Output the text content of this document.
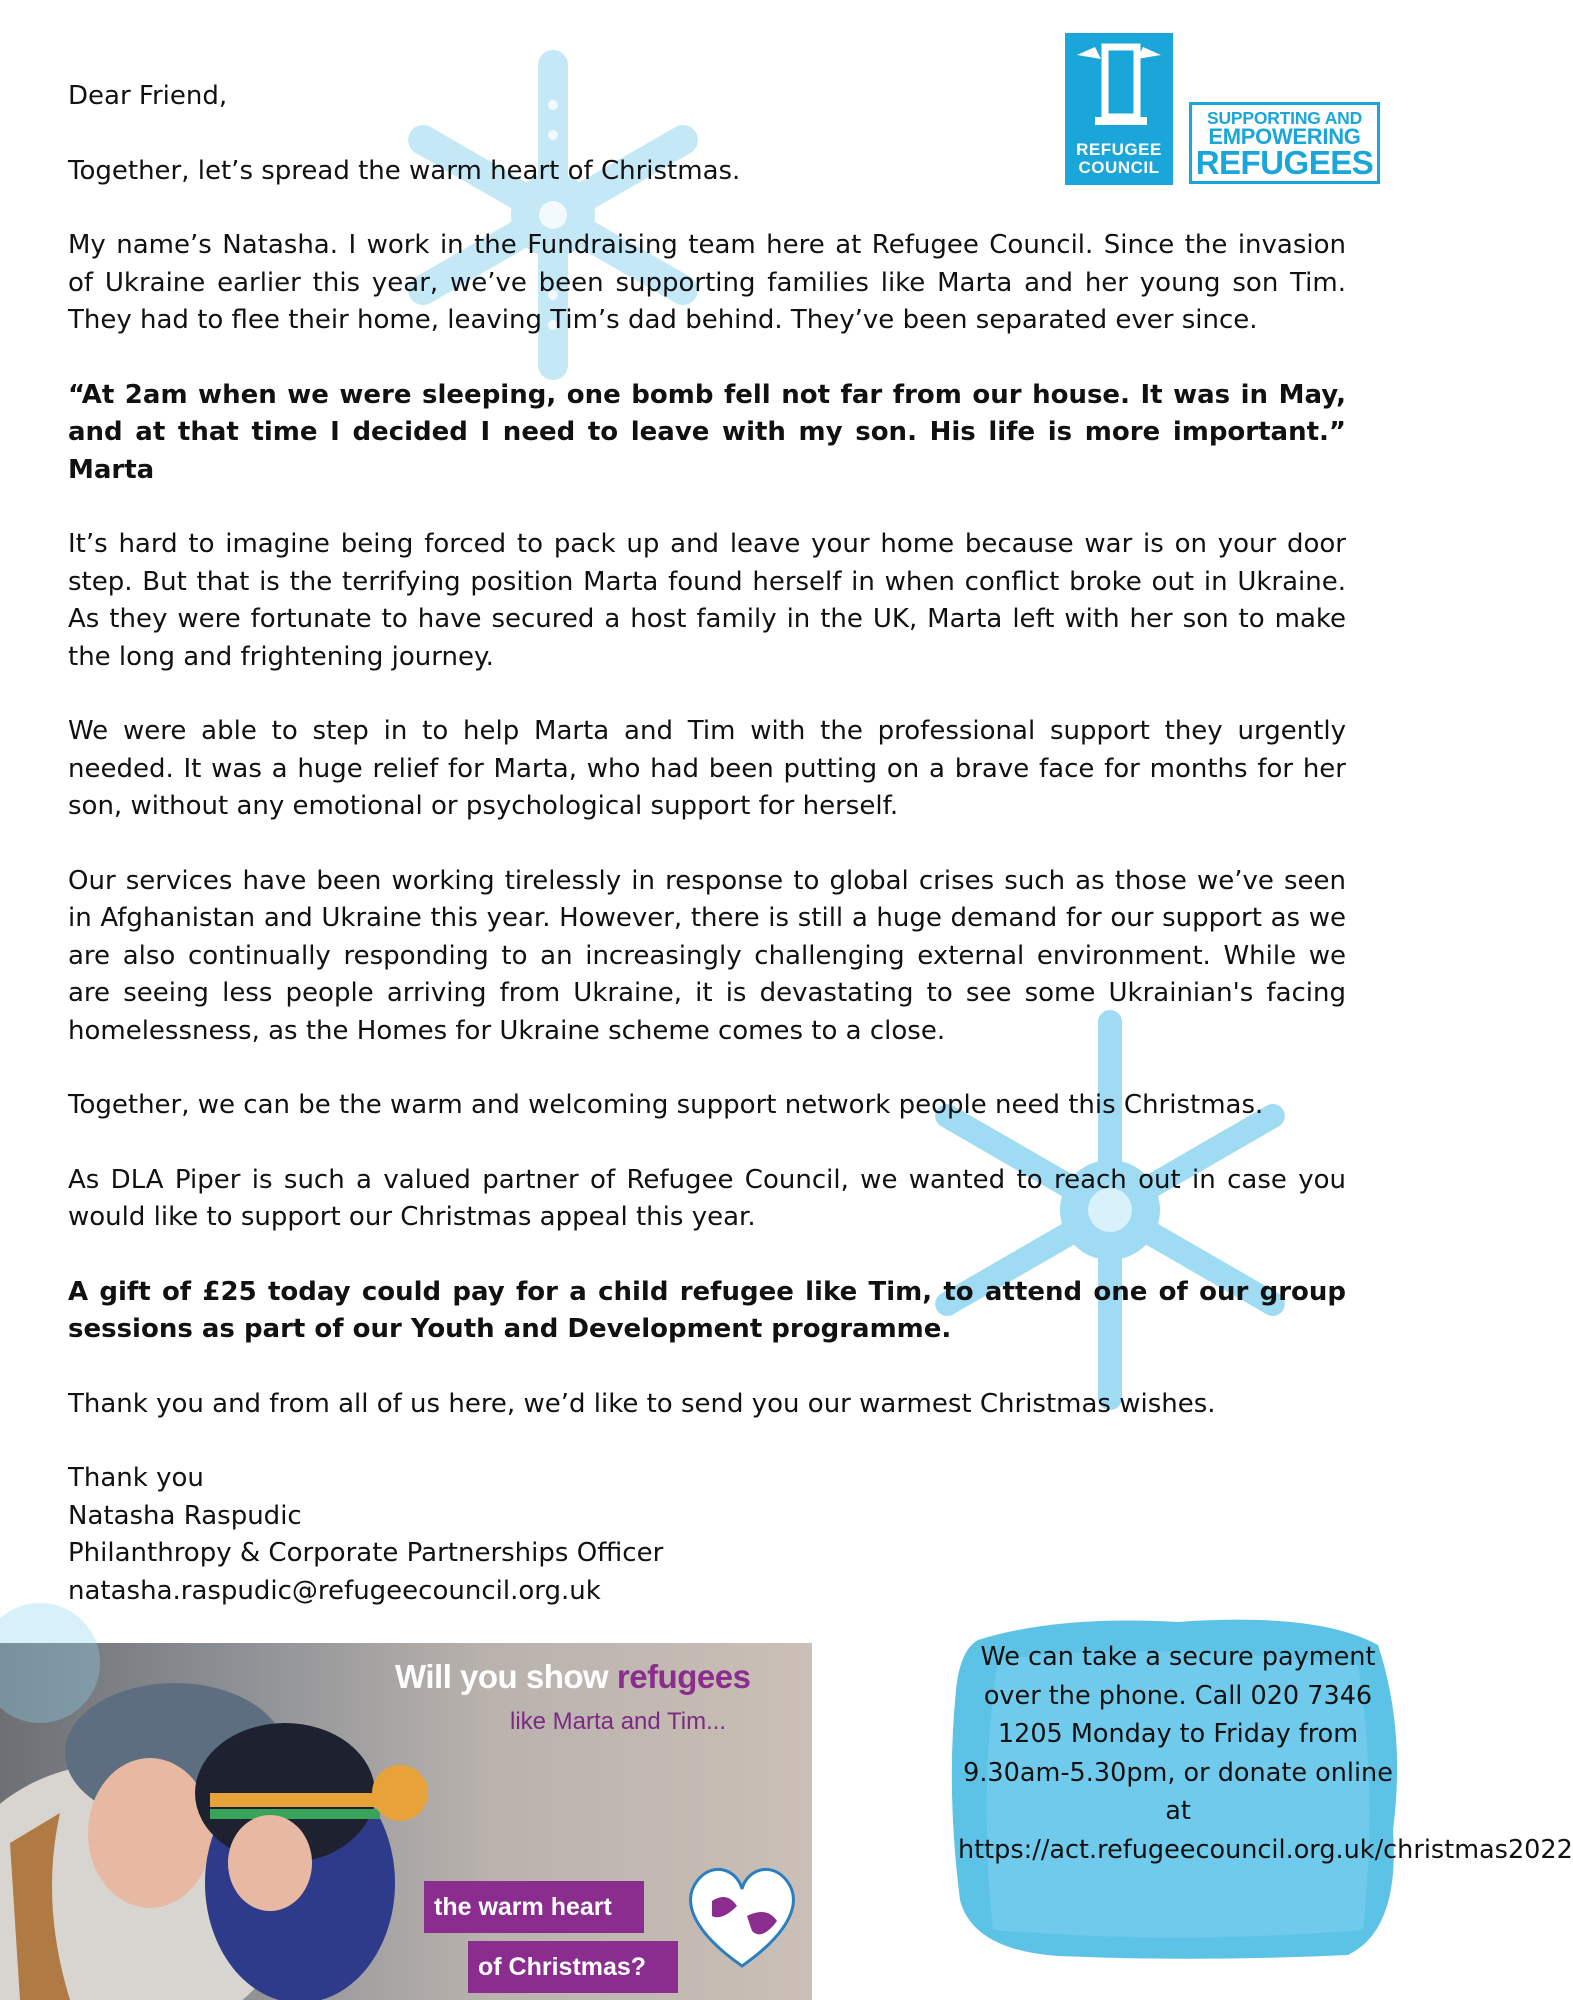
REFUGEE COUNCIL
SUPPORTING AND
EMPOWERING
REFUGEES

Dear Friend,

Together, let’s spread the warm heart of Christmas.

My name’s Natasha. I work in the Fundraising team here at Refugee Council. Since the invasion of Ukraine earlier this year, we’ve been supporting families like Marta and her young son Tim. They had to flee their home, leaving Tim’s dad behind. They’ve been separated ever since.

“At 2am when we were sleeping, one bomb fell not far from our house. It was in May, and at that time I decided I need to leave with my son. His life is more important.” Marta

It’s hard to imagine being forced to pack up and leave your home because war is on your door step. But that is the terrifying position Marta found herself in when conflict broke out in Ukraine. As they were fortunate to have secured a host family in the UK, Marta left with her son to make the long and frightening journey.

We were able to step in to help Marta and Tim with the professional support they urgently needed. It was a huge relief for Marta, who had been putting on a brave face for months for her son, without any emotional or psychological support for herself.

Our services have been working tirelessly in response to global crises such as those we’ve seen in Afghanistan and Ukraine this year. However, there is still a huge demand for our support as we are also continually responding to an increasingly challenging external environment. While we are seeing less people arriving from Ukraine, it is devastating to see some Ukrainian's facing homelessness, as the Homes for Ukraine scheme comes to a close.

Together, we can be the warm and welcoming support network people need this Christmas.

As DLA Piper is such a valued partner of Refugee Council, we wanted to reach out in case you would like to support our Christmas appeal this year.

A gift of £25 today could pay for a child refugee like Tim, to attend one of our group sessions as part of our Youth and Development programme.

Thank you and from all of us here, we’d like to send you our warmest Christmas wishes.

Thank you

Natasha Raspudic

Philanthropy & Corporate Partnerships Officer

natasha.raspudic@refugeecouncil.org.uk

Will you show refugees
like Marta and Tim...
the warm heart
of Christmas?
We can take a secure payment over the phone. Call 020 7346 1205 Monday to Friday from 9.30am-5.30pm, or donate online at https://act.refugeecouncil.org.uk/christmas2022
